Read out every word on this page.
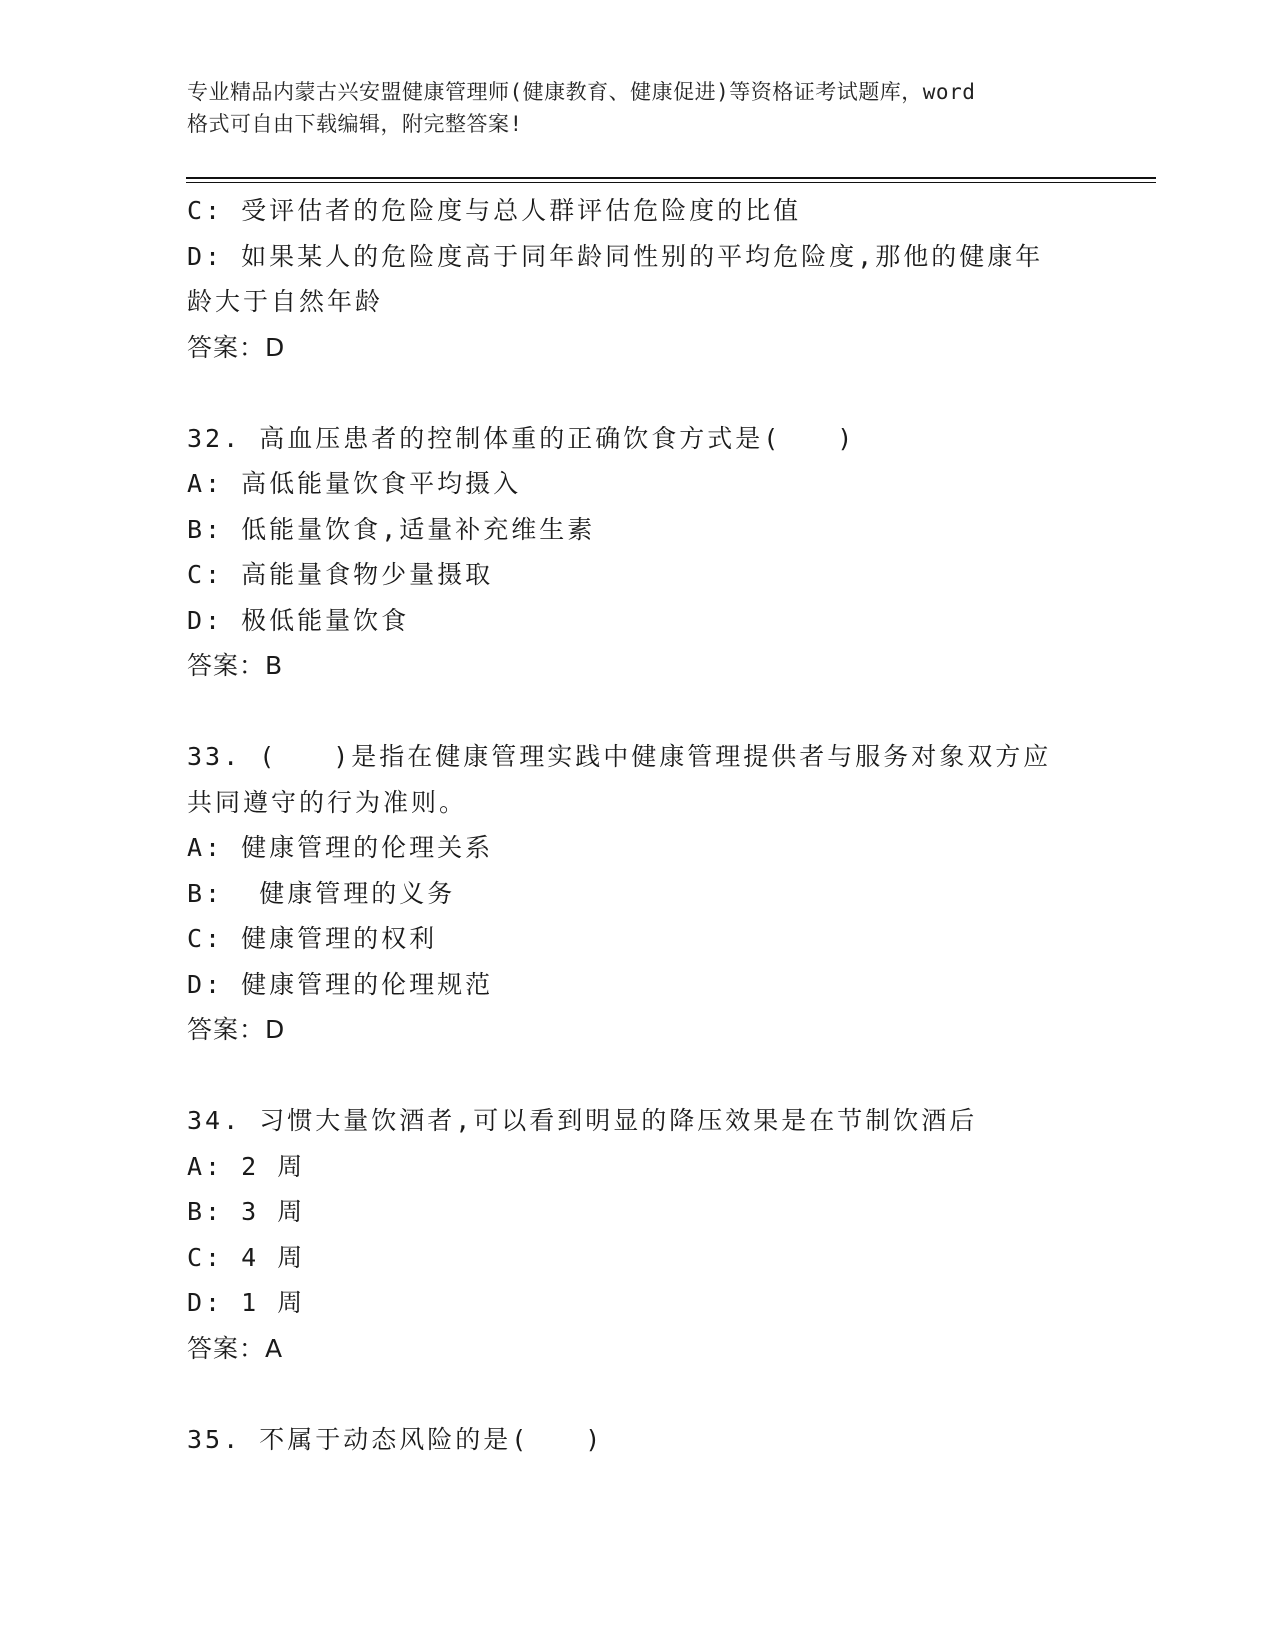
专业精品内蒙古兴安盟健康管理师(健康教育、健康促进)等资格证考试题库，word
格式可自由下载编辑，附完整答案!
C: 受评估者的危险度与总人群评估危险度的比值
D: 如果某人的危险度高于同年龄同性别的平均危险度,那他的健康年
龄大于自然年龄
答案：D
32. 高血压患者的控制体重的正确饮食方式是(　　)
A: 高低能量饮食平均摄入
B: 低能量饮食,适量补充维生素
C: 高能量食物少量摄取
D: 极低能量饮食
答案：B
33. (　　)是指在健康管理实践中健康管理提供者与服务对象双方应
共同遵守的行为准则。
A: 健康管理的伦理关系
B:  健康管理的义务
C: 健康管理的权利
D: 健康管理的伦理规范
答案：D
34. 习惯大量饮酒者,可以看到明显的降压效果是在节制饮酒后
A: 2 周
B: 3 周
C: 4 周
D: 1 周
答案：A
35. 不属于动态风险的是(　　)
